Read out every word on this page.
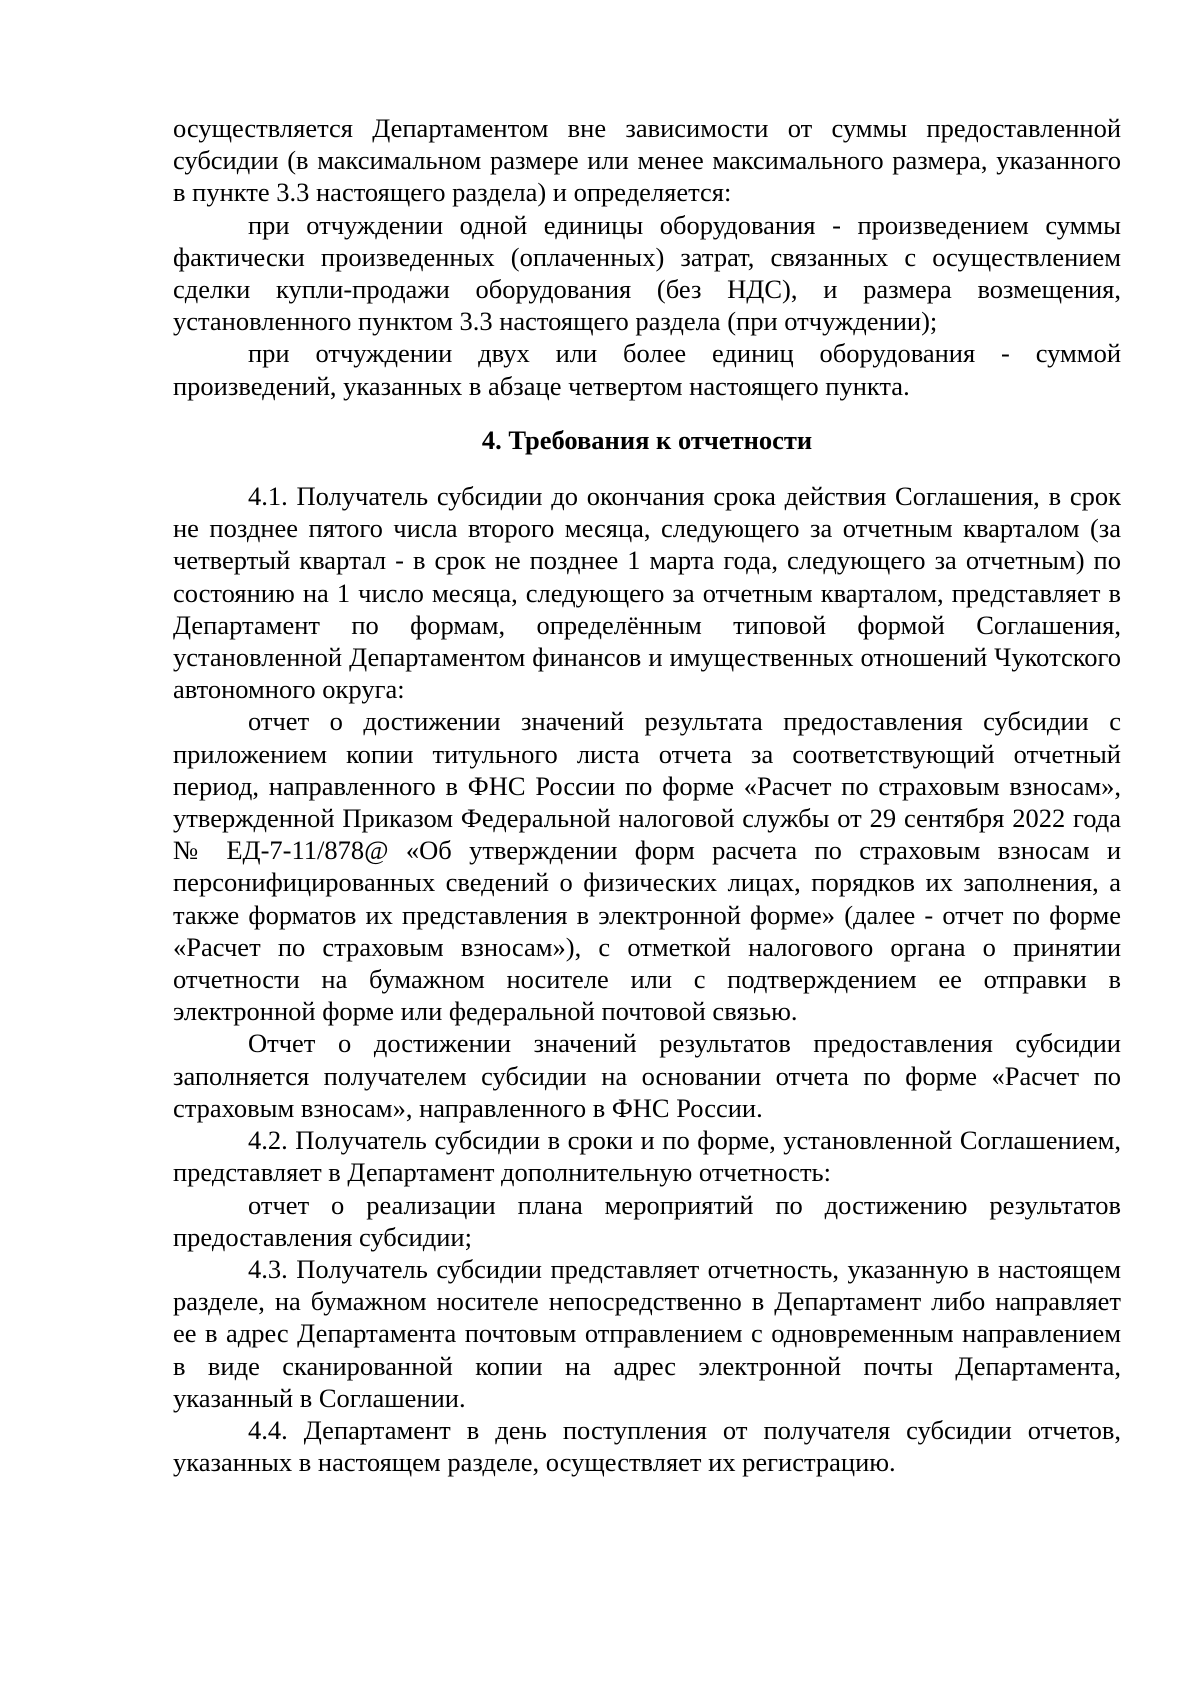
осуществляется Департаментом вне зависимости от суммы предоставленной субсидии (в максимальном размере или менее максимального размера, указанного в пункте 3.3 настоящего раздела) и определяется:

при отчуждении одной единицы оборудования - произведением суммы фактически произведенных (оплаченных) затрат, связанных с осуществлением сделки купли-продажи оборудования (без НДС), и размера возмещения, установленного пунктом 3.3 настоящего раздела (при отчуждении);

при отчуждении двух или более единиц оборудования - суммой произведений, указанных в абзаце четвертом настоящего пункта.

4. Требования к отчетности

4.1. Получатель субсидии до окончания срока действия Соглашения, в срок не позднее пятого числа второго месяца, следующего за отчетным кварталом (за четвертый квартал - в срок не позднее 1 марта года, следующего за отчетным) по состоянию на 1 число месяца, следующего за отчетным кварталом, представляет в Департамент по формам, определённым типовой формой Соглашения, установленной Департаментом финансов и имущественных отношений Чукотского автономного округа:

отчет о достижении значений результата предоставления субсидии с приложением копии титульного листа отчета за соответствующий отчетный период, направленного в ФНС России по форме «Расчет по страховым взносам», утвержденной Приказом Федеральной налоговой службы от 29 сентября 2022 года № ЕД-7-11/878@ «Об утверждении форм расчета по страховым взносам и персонифицированных сведений о физических лицах, порядков их заполнения, а также форматов их представления в электронной форме» (далее - отчет по форме «Расчет по страховым взносам»), с отметкой налогового органа о принятии отчетности на бумажном носителе или с подтверждением ее отправки в электронной форме или федеральной почтовой связью.

Отчет о достижении значений результатов предоставления субсидии заполняется получателем субсидии на основании отчета по форме «Расчет по страховым взносам», направленного в ФНС России.

4.2. Получатель субсидии в сроки и по форме, установленной Соглашением, представляет в Департамент дополнительную отчетность:

отчет о реализации плана мероприятий по достижению результатов предоставления субсидии;

4.3. Получатель субсидии представляет отчетность, указанную в настоящем разделе, на бумажном носителе непосредственно в Департамент либо направляет ее в адрес Департамента почтовым отправлением с одновременным направлением в виде сканированной копии на адрес электронной почты Департамента, указанный в Соглашении.

4.4. Департамент в день поступления от получателя субсидии отчетов, указанных в настоящем разделе, осуществляет их регистрацию.
